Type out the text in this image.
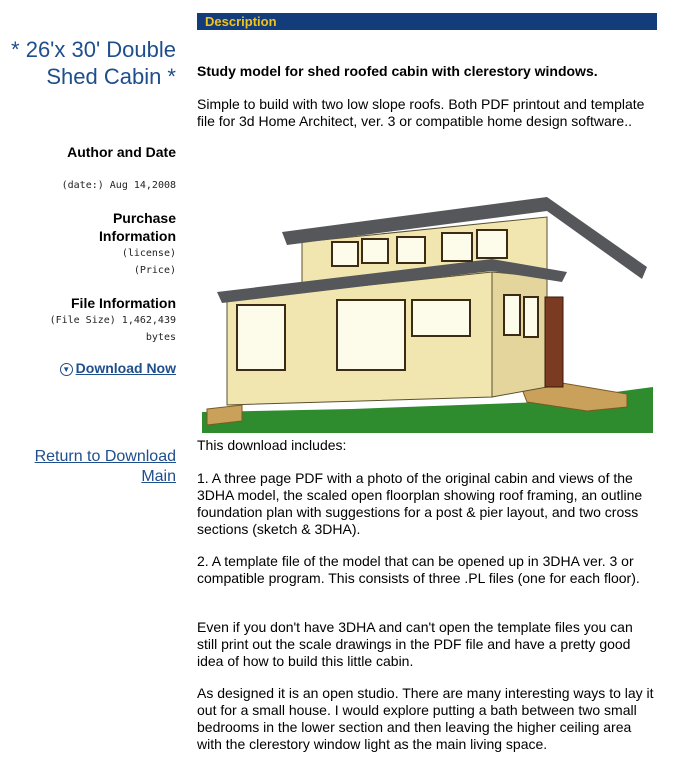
* 26'x 30' Double Shed Cabin *
Author and Date
(date:) Aug 14,2008
Purchase Information
(license)
(Price)
File Information
(File Size) 1,462,439
bytes
▼ Download Now
Return to Download Main
Description
Study model for shed roofed cabin with clerestory windows.
Simple to build with two low slope roofs. Both PDF printout and template file for 3d Home Architect, ver. 3 or compatible home design software..
This download includes:
1. A three page PDF with a photo of the original cabin and views of the 3DHA model, the scaled open floorplan showing roof framing, an outline foundation plan with suggestions for a post & pier layout, and two cross sections (sketch & 3DHA).
2. A template file of the model that can be opened up in 3DHA ver. 3 or compatible program. This consists of three .PL files (one for each floor).
Even if you don't have 3DHA and can't open the template files you can still print out the scale drawings in the PDF file and have a pretty good idea of how to build this little cabin.
As designed it is an open studio. There are many interesting ways to lay it out for a small house. I would explore putting a bath between two small bedrooms in the lower section and then leaving the higher ceiling area with the clerestory window light as the main living space.
